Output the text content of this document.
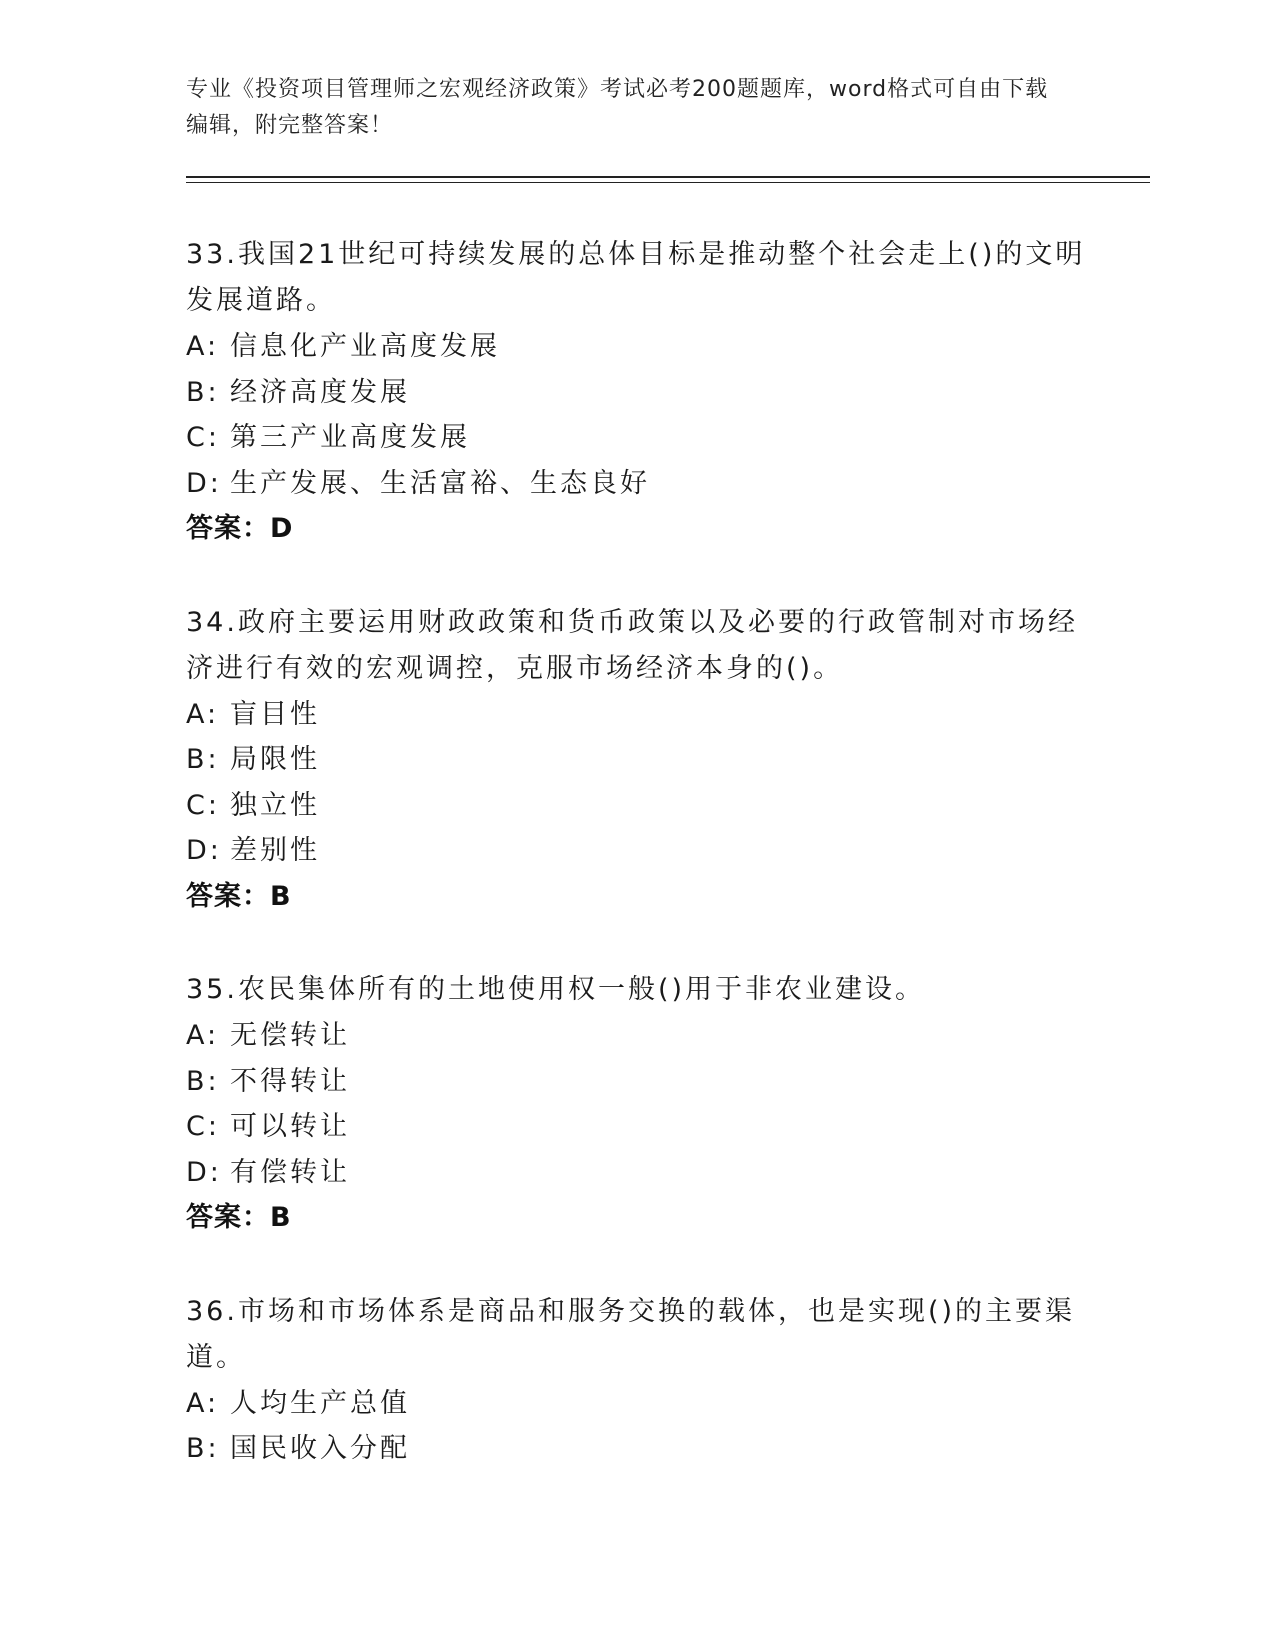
专业《投资项目管理师之宏观经济政策》考试必考200题题库，word格式可自由下载编辑，附完整答案！

33.我国21世纪可持续发展的总体目标是推动整个社会走上()的文明发展道路。

A: 信息化产业高度发展

B: 经济高度发展

C: 第三产业高度发展

D: 生产发展、生活富裕、生态良好

答案：D

34.政府主要运用财政政策和货币政策以及必要的行政管制对市场经济进行有效的宏观调控，克服市场经济本身的()。

A: 盲目性

B: 局限性

C: 独立性

D: 差别性

答案：B

35.农民集体所有的土地使用权一般()用于非农业建设。

A: 无偿转让

B: 不得转让

C: 可以转让

D: 有偿转让

答案：B

36.市场和市场体系是商品和服务交换的载体，也是实现()的主要渠道。

A: 人均生产总值

B: 国民收入分配
